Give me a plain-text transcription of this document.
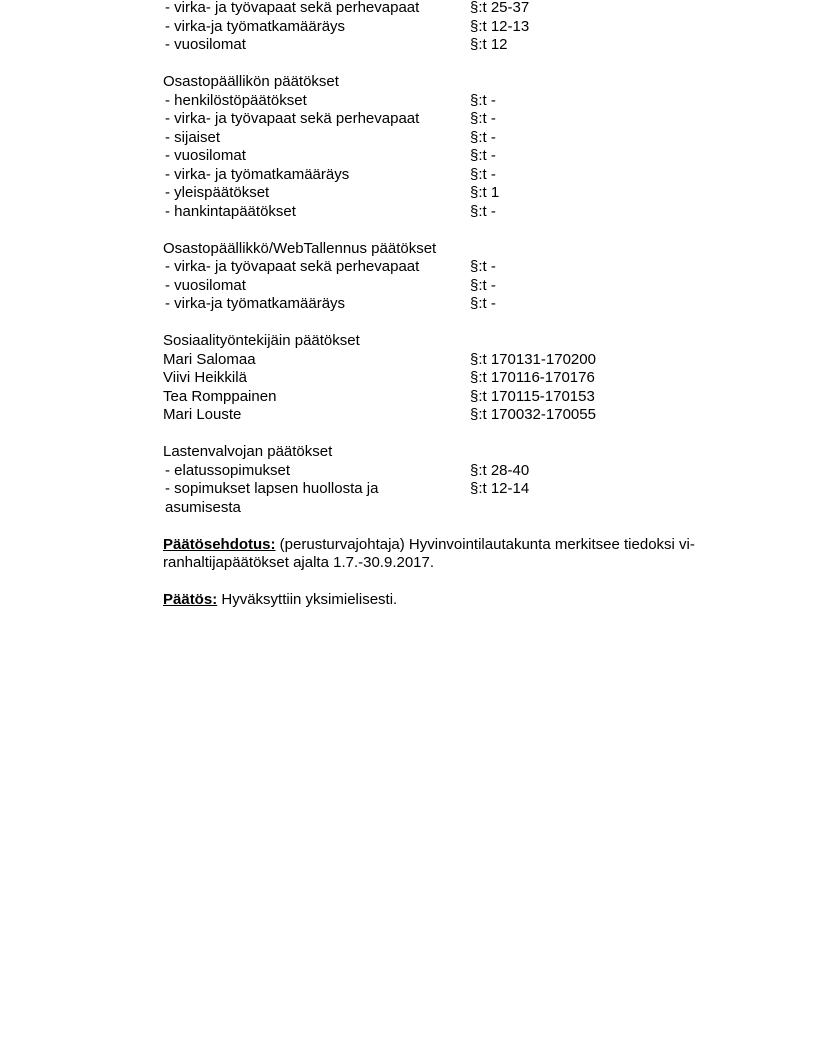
- virka- ja työvapaat sekä perhevapaat	§:t 25-37
- virka-ja työmatkamääräys	§:t 12-13
- vuosilomat	§:t 12
Osastopäällikön päätökset
- henkilöstöpäätökset	§:t -
- virka- ja työvapaat sekä perhevapaat	§:t -
- sijaiset	§:t -
- vuosilomat	§:t -
- virka- ja työmatkamääräys	§:t -
- yleispäätökset	§:t 1
- hankintapäätökset	§:t -
Osastopäällikkö/WebTallennus päätökset
- virka- ja työvapaat sekä perhevapaat	§:t -
- vuosilomat	§:t -
- virka-ja työmatkamääräys	§:t -
Sosiaalityöntekijäin päätökset
Mari Salomaa	§:t 170131-170200
Viivi Heikkilä	§:t 170116-170176
Tea Romppainen	§:t 170115-170153
Mari Louste	§:t 170032-170055
Lastenvalvojan päätökset
- elatussopimukset	§:t 28-40
- sopimukset lapsen huollosta ja asumisesta
§:t 12-14
Päätösehdotus: (perusturvajohtaja) Hyvinvointilautakunta merkitsee tiedoksi vi-ranhaltijapäätökset ajalta 1.7.-30.9.2017.
Päätös: Hyväksyttiin yksimielisesti.
